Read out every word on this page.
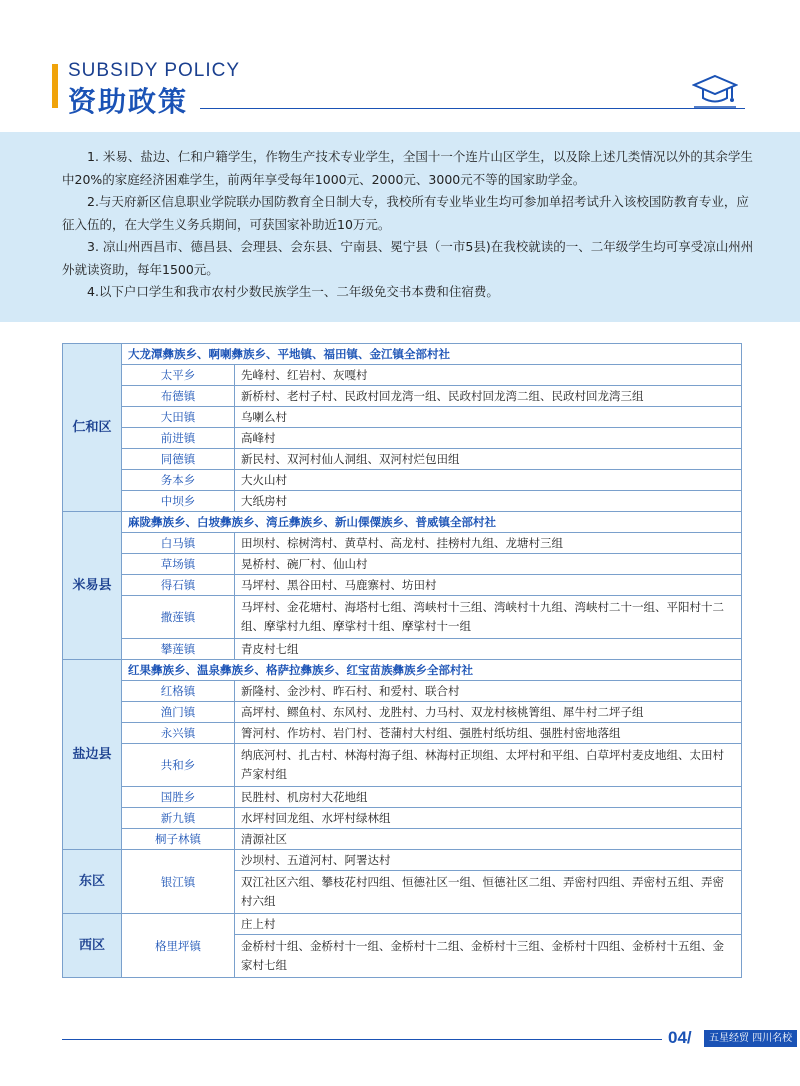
SUBSIDY POLICY
资助政策

1. 米易、盐边、仁和户籍学生，作物生产技术专业学生，全国十一个连片山区学生，以及除上述几类情况以外的其余学生中20%的家庭经济困难学生，前两年享受每年1000元、2000元、3000元不等的国家助学金。

2.与天府新区信息职业学院联办国防教育全日制大专，我校所有专业毕业生均可参加单招考试升入该校国防教育专业，应征入伍的，在大学生义务兵期间，可获国家补助近10万元。

3. 凉山州西昌市、德昌县、会理县、会东县、宁南县、冕宁县（一市5县)在我校就读的一、二年级学生均可享受凉山州州外就读资助，每年1500元。

4.以下户口学生和我市农村少数民族学生一、二年级免交书本费和住宿费。

仁和区	大龙潭彝族乡、啊喇彝族乡、平地镇、福田镇、金江镇全部村社	
	太平乡	先峰村、红岩村、灰嘎村
	布德镇	新桥村、老村子村、民政村回龙湾一组、民政村回龙湾二组、民政村回龙湾三组
	大田镇	乌喇么村
	前进镇	高峰村
	同德镇	新民村、双河村仙人洞组、双河村烂包田组
	务本乡	大火山村
	中坝乡	大纸房村
米易县	麻陇彝族乡、白坡彝族乡、湾丘彝族乡、新山傈僳族乡、普威镇全部村社	
	白马镇	田坝村、棕树湾村、黄草村、高龙村、挂榜村九组、龙塘村三组
	草场镇	晃桥村、碗厂村、仙山村
	得石镇	马坪村、黑谷田村、马鹿寨村、坊田村
	撒莲镇	马坪村、金花塘村、海塔村七组、湾峡村十三组、湾峡村十九组、湾峡村二十一组、平阳村十二组、摩挲村九组、摩挲村十组、摩挲村十一组
	攀莲镇	青皮村七组
盐边县	红果彝族乡、温泉彝族乡、格萨拉彝族乡、红宝苗族彝族乡全部村社	
	红格镇	新隆村、金沙村、昨石村、和爱村、联合村
	渔门镇	高坪村、鳏鱼村、东风村、龙胜村、力马村、双龙村核桃箐组、犀牛村二坪子组
	永兴镇	箐河村、作坊村、岩门村、苍蒲村大村组、强胜村纸坊组、强胜村密地落组
	共和乡	纳底河村、扎古村、林海村海子组、林海村正坝组、太坪村和平组、白草坪村麦皮地组、太田村芦家村组
	国胜乡	民胜村、机房村大花地组
	新九镇	水坪村回龙组、水坪村绿林组
	桐子林镇	清源社区
东区	银江镇	沙坝村、五道河村、阿署达村
		双江社区六组、攀枝花村四组、恒德社区一组、恒德社区二组、弄密村四组、弄密村五组、弄密村六组
西区	格里坪镇	庄上村
		金桥村十组、金桥村十一组、金桥村十二组、金桥村十三组、金桥村十四组、金桥村十五组、金家村七组
04/	五星经贸 四川名校
